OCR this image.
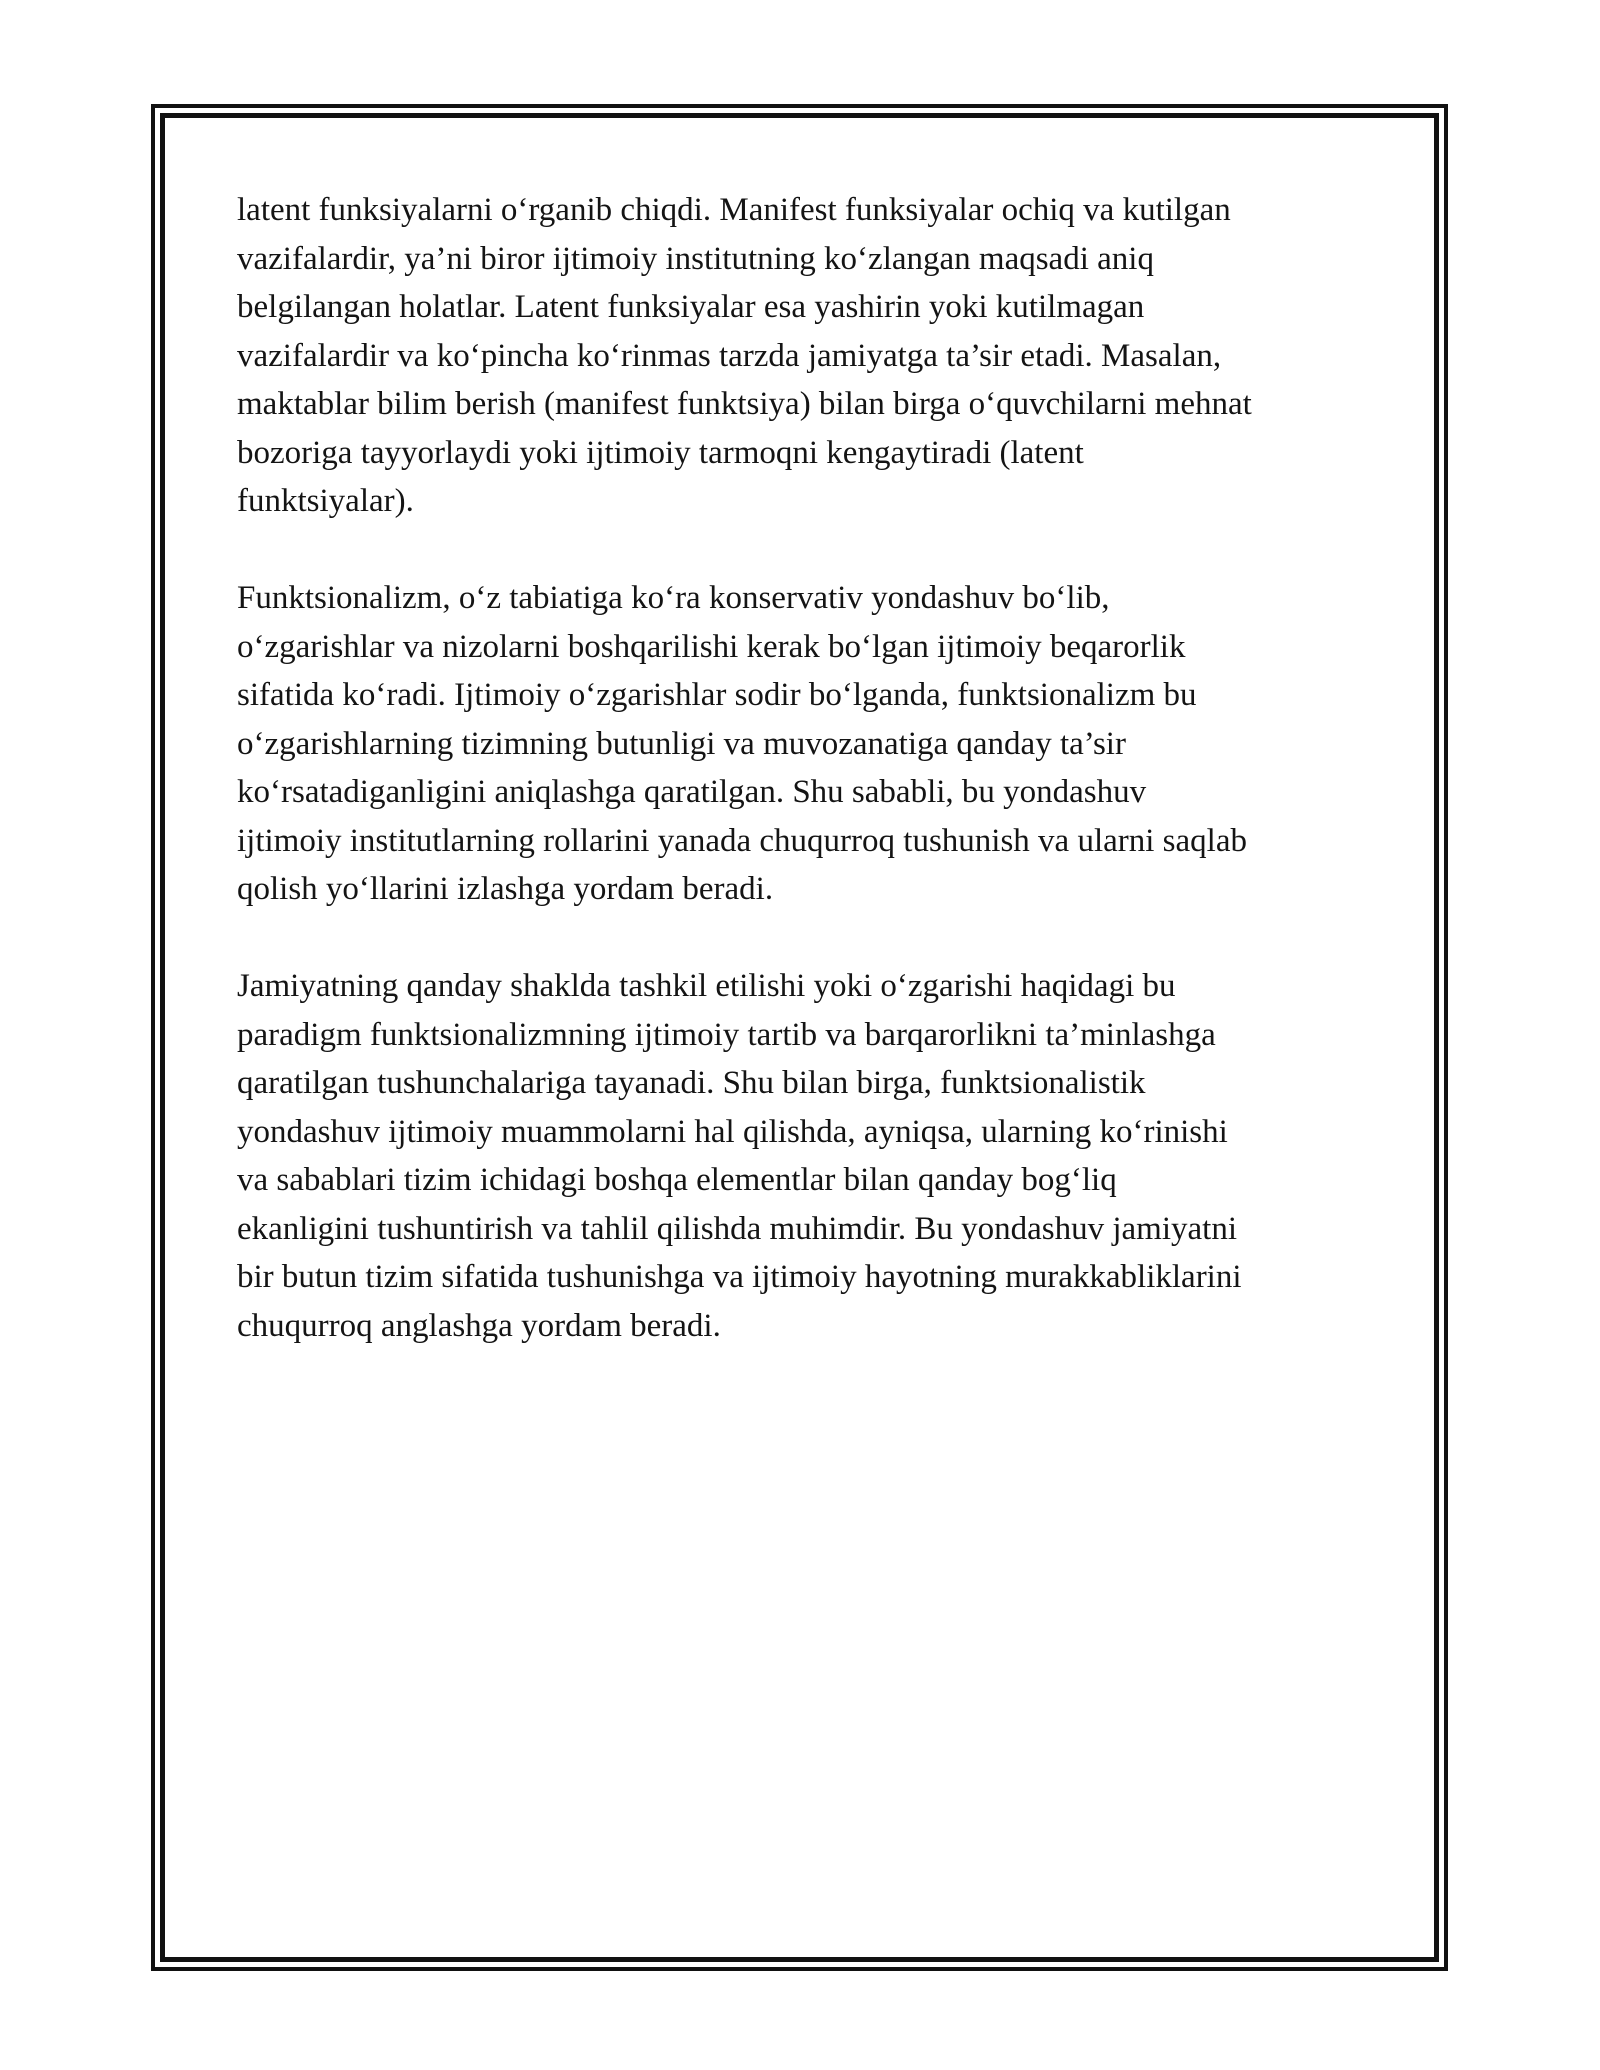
latent funksiyalarni o‘rganib chiqdi. Manifest funksiyalar ochiq va kutilgan
vazifalardir, ya’ni biror ijtimoiy institutning ko‘zlangan maqsadi aniq
belgilangan holatlar. Latent funksiyalar esa yashirin yoki kutilmagan
vazifalardir va ko‘pincha ko‘rinmas tarzda jamiyatga ta’sir etadi. Masalan,
maktablar bilim berish (manifest funktsiya) bilan birga o‘quvchilarni mehnat
bozoriga tayyorlaydi yoki ijtimoiy tarmoqni kengaytiradi (latent
funktsiyalar).

Funktsionalizm, o‘z tabiatiga ko‘ra konservativ yondashuv bo‘lib,
o‘zgarishlar va nizolarni boshqarilishi kerak bo‘lgan ijtimoiy beqarorlik
sifatida ko‘radi. Ijtimoiy o‘zgarishlar sodir bo‘lganda, funktsionalizm bu
o‘zgarishlarning tizimning butunligi va muvozanatiga qanday ta’sir
ko‘rsatadiganligini aniqlashga qaratilgan. Shu sababli, bu yondashuv
ijtimoiy institutlarning rollarini yanada chuqurroq tushunish va ularni saqlab
qolish yo‘llarini izlashga yordam beradi.

Jamiyatning qanday shaklda tashkil etilishi yoki o‘zgarishi haqidagi bu
paradigm funktsionalizmning ijtimoiy tartib va barqarorlikni ta’minlashga
qaratilgan tushunchalariga tayanadi. Shu bilan birga, funktsionalistik
yondashuv ijtimoiy muammolarni hal qilishda, ayniqsa, ularning ko‘rinishi
va sabablari tizim ichidagi boshqa elementlar bilan qanday bog‘liq
ekanligini tushuntirish va tahlil qilishda muhimdir. Bu yondashuv jamiyatni
bir butun tizim sifatida tushunishga va ijtimoiy hayotning murakkabliklarini
chuqurroq anglashga yordam beradi.
